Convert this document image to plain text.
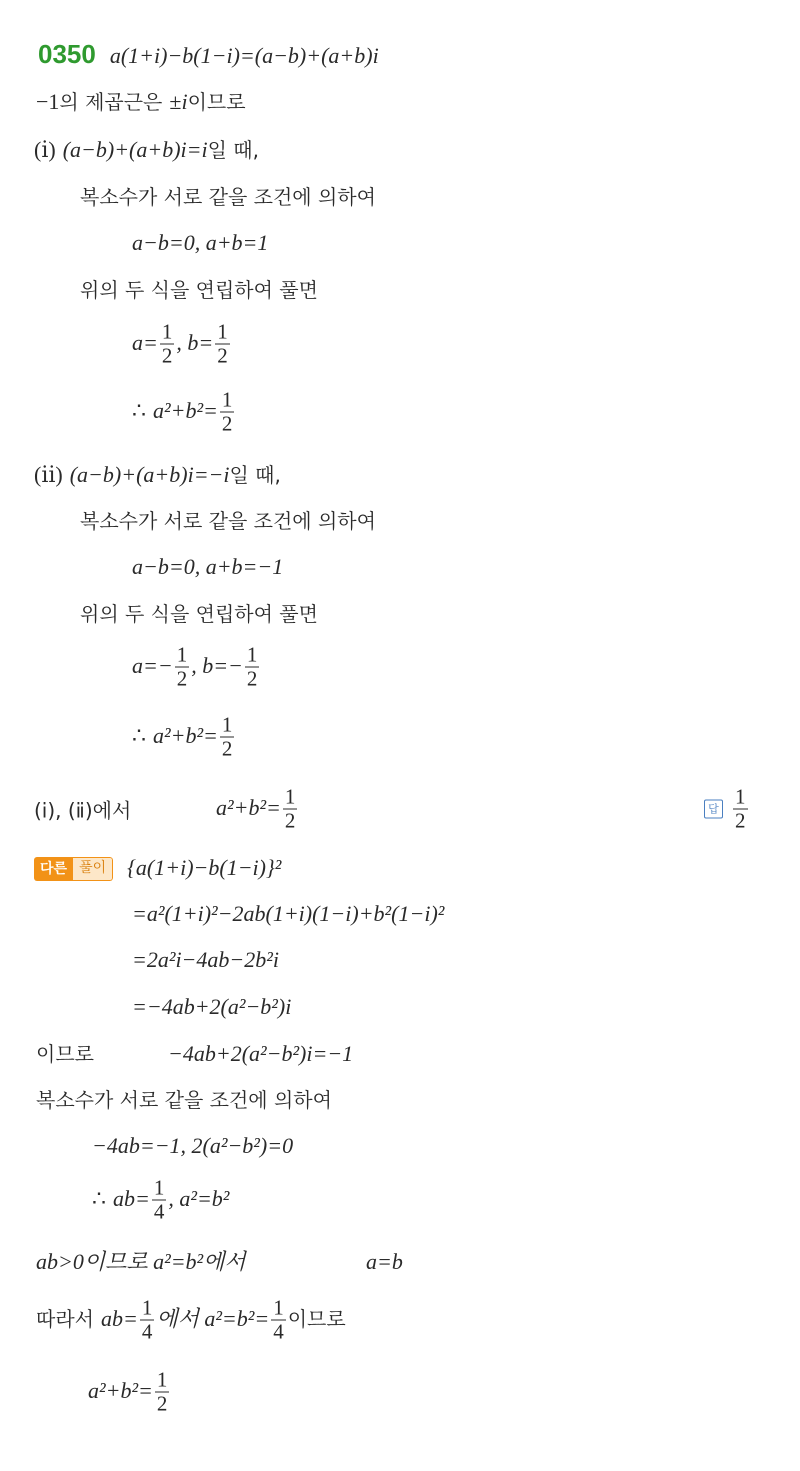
0350 a(1+i)−b(1−i)=(a−b)+(a+b)i
−1의 제곱근은 ±i이므로
(ⅰ) (a−b)+(a+b)i=i일 때,
복소수가 서로 같을 조건에 의하여
a−b=0, a+b=1
위의 두 식을 연립하여 풀면
$a= \frac{1}{2}$ , $b= \frac{1}{2}$
∴ $a^2+b^2= \frac{1}{2}$
(ⅱ) (a−b)+(a+b)i=−i일 때,
복소수가 서로 같을 조건에 의하여
a−b=0, a+b=−1
위의 두 식을 연립하여 풀면
$a=- \frac{1}{2}$ , $b=- \frac{1}{2}$
∴ $a^2+b^2= \frac{1}{2}$
(ⅰ), (ⅱ)에서	$a^2+b^2= \frac{1}{2}$	답 $\frac{1}{2}$
다른 풀이 {a(1+i)−b(1−i)}²
=a²(1+i)²−2ab(1+i)(1−i)+b²(1−i)²
=2a²i−4ab−2b²i
=−4ab+2(a²−b²)i
이므로	−4ab+2(a²−b²)i=−1
복소수가 서로 같을 조건에 의하여
−4ab=−1, 2(a²−b²)=0
∴ $ab= \frac{1}{4}$ , a²=b²
ab>0이므로 a²=b²에서	a=b
따라서 $ab= \frac{1}{4}$ 에서 $a^2=b^2= \frac{1}{4}$ 이므로
$a^2+b^2= \frac{1}{2}$
